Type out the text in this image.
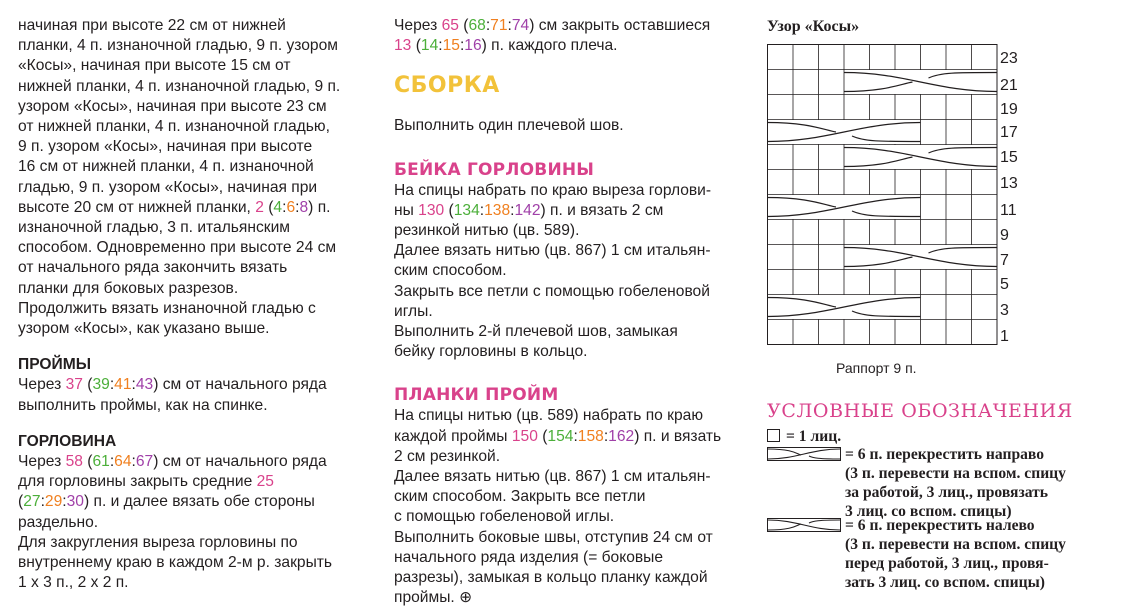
начиная при высоте 22 см от нижней

планки, 4 п. изнаночной гладью, 9 п. узором

«Косы», начиная при высоте 15 см от

нижней планки, 4 п. изнаночной гладью, 9 п.

узором «Косы», начиная при высоте 23 см

от нижней планки, 4 п. изнаночной гладью,

9 п. узором «Косы», начиная при высоте

16 см от нижней планки, 4 п. изнаночной

гладью, 9 п. узором «Косы», начиная при

высоте 20 см от нижней планки, 2 (4:6:8) п.

изнаночной гладью, 3 п. итальянским

способом. Одновременно при высоте 24 см

от начального ряда закончить вязать

планки для боковых разрезов.

Продолжить вязать изнаночной гладью с

узором «Косы», как указано выше.

ПРОЙМЫ

Через 37 (39:41:43) см от начального ряда

выполнить проймы, как на спинке.

ГОРЛОВИНА

Через 58 (61:64:67) см от начального ряда

для горловины закрыть средние 25

(27:29:30) п. и далее вязать обе стороны

раздельно.

Для закругления выреза горловины по

внутреннему краю в каждом 2-м р. закрыть

1 х 3 п., 2 х 2 п.

Через 65 (68:71:74) см закрыть оставшиеся

13 (14:15:16) п. каждого плеча.

СБОРКА

Выполнить один плечевой шов.

БЕЙКА ГОРЛОВИНЫ

На спицы набрать по краю выреза горлови-

ны 130 (134:138:142) п. и вязать 2 см

резинкой нитью (цв. 589).

Далее вязать нитью (цв. 867) 1 см итальян-

ским способом.

Закрыть все петли с помощью гобеленовой

иглы.

Выполнить 2-й плечевой шов, замыкая

бейку горловины в кольцо.

ПЛАНКИ ПРОЙМ

На спицы нитью (цв. 589) набрать по краю

каждой проймы 150 (154:158:162) п. и вязать

2 см резинкой.

Далее вязать нитью (цв. 867) 1 см итальян-

ским способом. Закрыть все петли

с помощью гобеленовой иглы.

Выполнить боковые швы, отступив 24 см от

начального ряда изделия (= боковые

разрезы), замыкая в кольцо планку каждой

проймы. ⊕

Узор «Косы»
23
21
19
17
15
13
11
9
7
5
3
1
Раппорт 9 п.
УСЛОВНЫЕ ОБОЗНАЧЕНИЯ
= 1 лиц.
= 6 п. перекрестить направо
(3 п. перевести на вспом. спицу
за работой, 3 лиц., провязать
3 лиц. со вспом. спицы)
= 6 п. перекрестить налево
(3 п. перевести на вспом. спицу
перед работой, 3 лиц., провя-
зать 3 лиц. со вспом. спицы)
